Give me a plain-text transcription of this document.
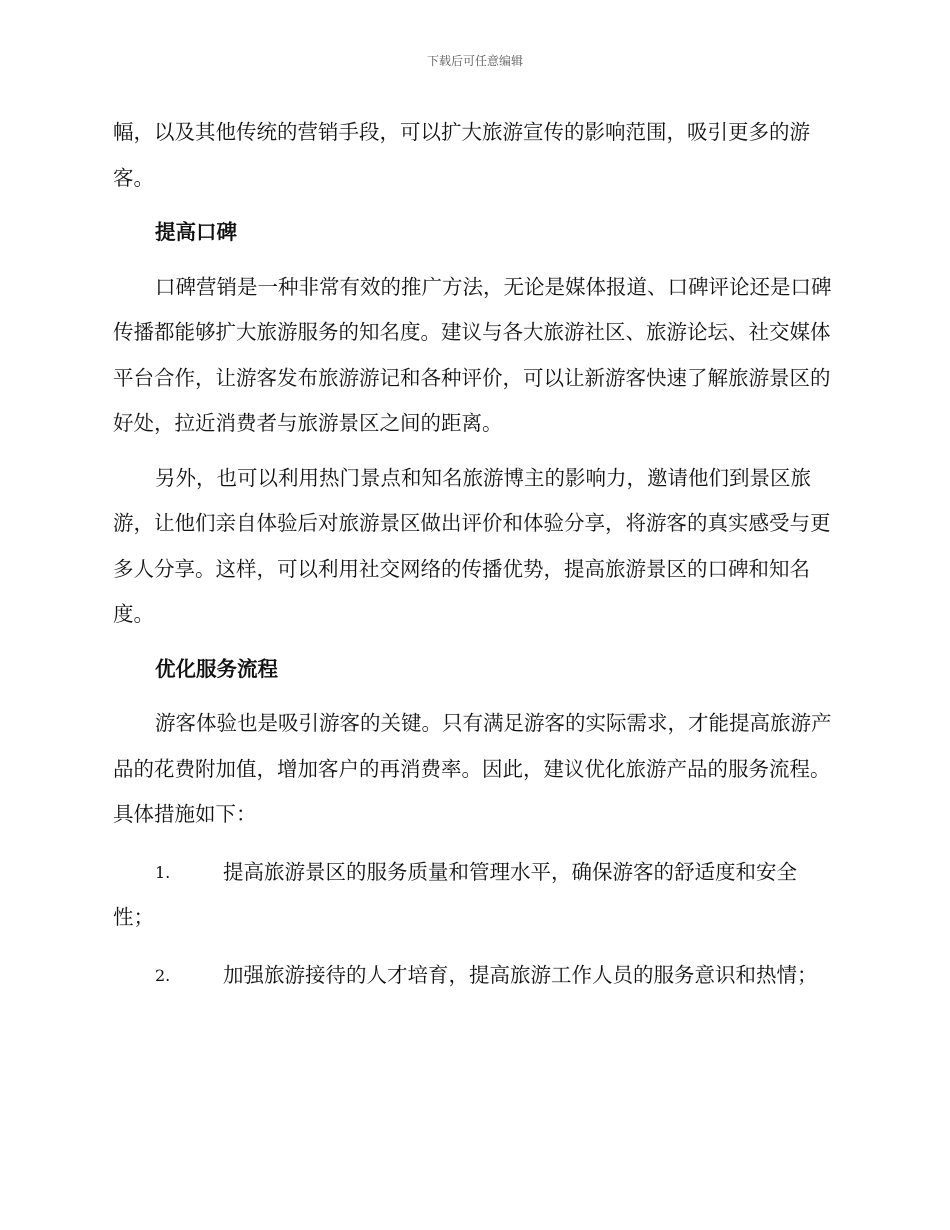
下载后可任意编辑

幅，以及其他传统的营销手段，可以扩大旅游宣传的影响范围，吸引更多的游客。

提高口碑

口碑营销是一种非常有效的推广方法，无论是媒体报道、口碑评论还是口碑传播都能够扩大旅游服务的知名度。建议与各大旅游社区、旅游论坛、社交媒体平台合作，让游客发布旅游游记和各种评价，可以让新游客快速了解旅游景区的好处，拉近消费者与旅游景区之间的距离。

另外，也可以利用热门景点和知名旅游博主的影响力，邀请他们到景区旅游，让他们亲自体验后对旅游景区做出评价和体验分享，将游客的真实感受与更多人分享。这样，可以利用社交网络的传播优势，提高旅游景区的口碑和知名度。

优化服务流程

游客体验也是吸引游客的关键。只有满足游客的实际需求，才能提高旅游产品的花费附加值，增加客户的再消费率。因此，建议优化旅游产品的服务流程。具体措施如下：

1.	提高旅游景区的服务质量和管理水平，确保游客的舒适度和安全性；
2.	加强旅游接待的人才培育，提高旅游工作人员的服务意识和热情；
